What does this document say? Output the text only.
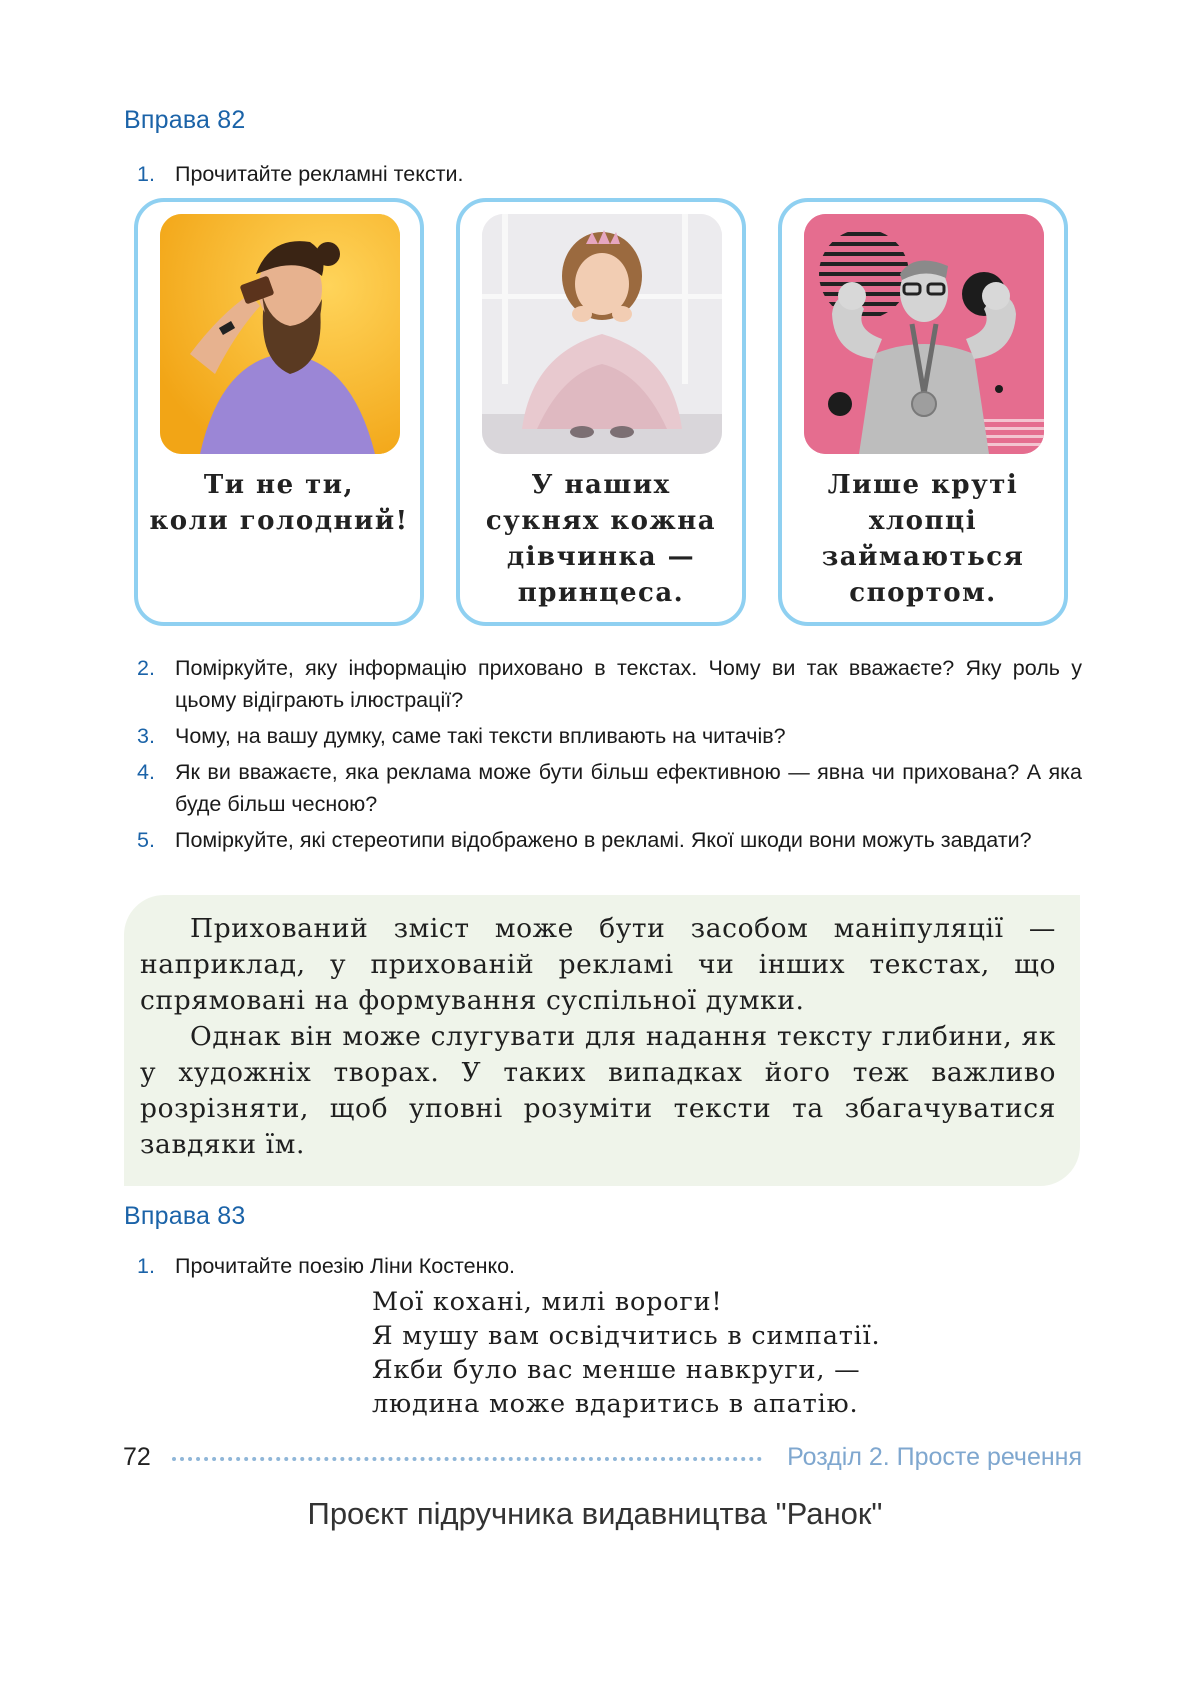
Вправа 82
1. Прочитайте рекламні тексти.
Ти не ти,
коли голодний!
У наших
сукнях кожна
дівчинка —
принцеса.
Лише круті
хлопці
займаються
спортом.
2. Поміркуйте, яку інформацію приховано в текстах. Чому ви так вважаєте? Яку роль у цьому відіграють ілюстрації?
3. Чому, на вашу думку, саме такі тексти впливають на читачів?
4. Як ви вважаєте, яка реклама може бути більш ефективною — явна чи прихована? А яка буде більш чесною?
5. Поміркуйте, які стереотипи відображено в рекламі. Якої шкоди вони можуть завдати?

Прихований зміст може бути засобом маніпуляції — наприклад, у прихованій рекламі чи інших текстах, що спрямовані на формування суспільної думки.

Однак він може слугувати для надання тексту глибини, як у художніх творах. У таких випадках його теж важливо розрізняти, щоб уповні розуміти тексти та збагачуватися завдяки їм.

Вправа 83
1. Прочитайте поезію Ліни Костенко.
Мої кохані, милі вороги!
Я мушу вам освідчитись в симпатії.
Якби було вас менше навкруги, —
людина може вдаритись в апатію.
72	Розділ 2. Просте речення
Проєкт підручника видавництва "Ранок"
